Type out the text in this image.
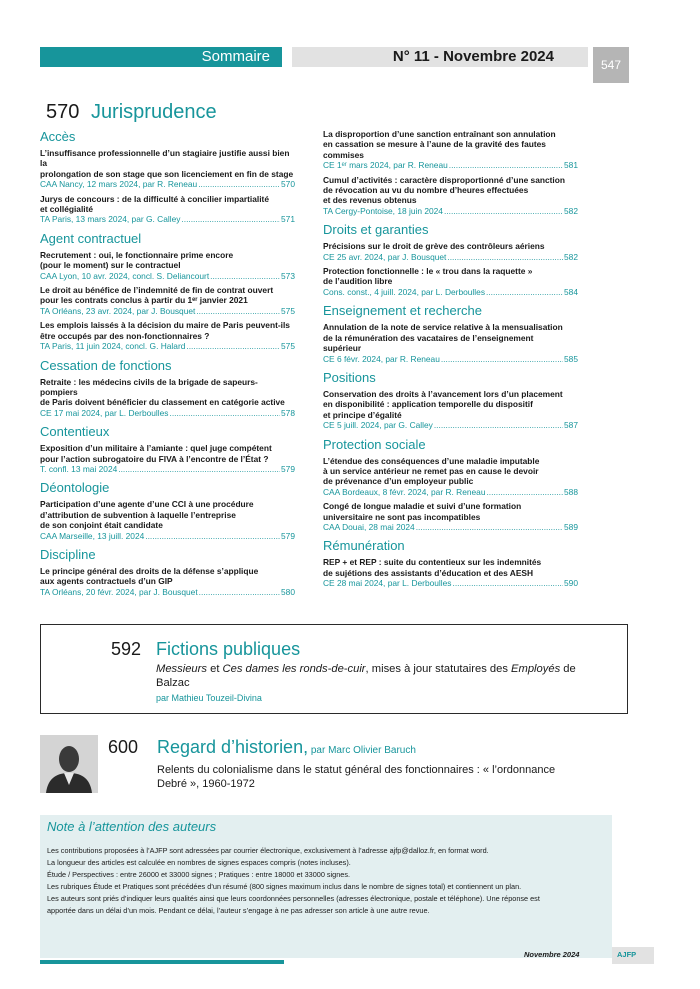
Sommaire	N° 11 - Novembre 2024	547
570 Jurisprudence
Accès
L’insuffisance professionnelle d’un stagiaire justifie aussi bien la
prolongation de son stage que son licenciement en fin de stage
CAA Nancy, 12 mars 2024, par R. Reneau .....	570
Jurys de concours : de la difficulté à concilier impartialité
et collégialité
TA Paris, 13 mars 2024, par G. Calley .....	571
Agent contractuel
Recrutement : oui, le fonctionnaire prime encore
(pour le moment) sur le contractuel
CAA Lyon, 10 avr. 2024, concl. S. Deliancourt .....	573
Le droit au bénéfice de l’indemnité de fin de contrat ouvert
pour les contrats conclus à partir du 1ᵉʳ janvier 2021
TA Orléans, 23 avr. 2024, par J. Bousquet .....	575
Les emplois laissés à la décision du maire de Paris peuvent-ils
être occupés par des non-fonctionnaires ?
TA Paris, 11 juin 2024, concl. G. Halard .....	575
Cessation de fonctions
Retraite : les médecins civils de la brigade de sapeurs-pompiers
de Paris doivent bénéficier du classement en catégorie active
CE 17 mai 2024, par L. Derboulles .....	578
Contentieux
Exposition d’un militaire à l’amiante : quel juge compétent
pour l’action subrogatoire du FIVA à l’encontre de l’État ?
T. confl. 13 mai 2024 .....	579
Déontologie
Participation d’une agente d’une CCI à une procédure
d’attribution de subvention à laquelle l’entreprise
de son conjoint était candidate
CAA Marseille, 13 juill. 2024 .....	579
Discipline
Le principe général des droits de la défense s’applique
aux agents contractuels d’un GIP
TA Orléans, 20 févr. 2024, par J. Bousquet .....	580
La disproportion d’une sanction entraînant son annulation
en cassation se mesure à l’aune de la gravité des fautes commises
CE 1ᵉʳ mars 2024, par R. Reneau .....	581
Cumul d’activités : caractère disproportionné d’une sanction
de révocation au vu du nombre d’heures effectuées
et des revenus obtenus
TA Cergy-Pontoise, 18 juin 2024 .....	582
Droits et garanties
Précisions sur le droit de grève des contrôleurs aériens
CE 25 avr. 2024, par J. Bousquet .....	582
Protection fonctionnelle : le « trou dans la raquette »
de l’audition libre
Cons. const., 4 juill. 2024, par L. Derboulles .....	584
Enseignement et recherche
Annulation de la note de service relative à la mensualisation
de la rémunération des vacataires de l’enseignement
supérieur
CE 6 févr. 2024, par R. Reneau .....	585
Positions
Conservation des droits à l’avancement lors d’un placement
en disponibilité : application temporelle du dispositif
et principe d’égalité
CE 5 juill. 2024, par G. Calley .....	587
Protection sociale
L’étendue des conséquences d’une maladie imputable
à un service antérieur ne remet pas en cause le devoir
de prévenance d’un employeur public
CAA Bordeaux, 8 févr. 2024, par R. Reneau .....	588
Congé de longue maladie et suivi d’une formation
universitaire ne sont pas incompatibles
CAA Douai, 28 mai 2024 .....	589
Rémunération
REP + et REP : suite du contentieux sur les indemnités
de sujétions des assistants d’éducation et des AESH
CE 28 mai 2024, par L. Derboulles .....	590
592 Fictions publiques
Messieurs et Ces dames les ronds-de-cuir, mises à jour statutaires des Employés de Balzac
par Mathieu Touzeil-Divina
600 Regard d’historien, par Marc Olivier Baruch
Relents du colonialisme dans le statut général des fonctionnaires : « l’ordonnance Debré », 1960-1972
Note à l’attention des auteurs
Les contributions proposées à l’AJFP sont adressées par courrier électronique, exclusivement à l’adresse ajfp@dalloz.fr, en format word.
La longueur des articles est calculée en nombres de signes espaces compris (notes incluses).
Étude / Perspectives : entre 26000 et 33000 signes ; Pratiques : entre 18000 et 33000 signes.
Les rubriques Étude et Pratiques sont précédées d’un résumé (800 signes maximum inclus dans le nombre de signes total) et contiennent un plan.
Les auteurs sont priés d’indiquer leurs qualités ainsi que leurs coordonnées personnelles (adresses électronique, postale et téléphone). Une réponse est
apportée dans un délai d’un mois. Pendant ce délai, l’auteur s’engage à ne pas adresser son article à une autre revue.
Novembre 2024	AJFP
